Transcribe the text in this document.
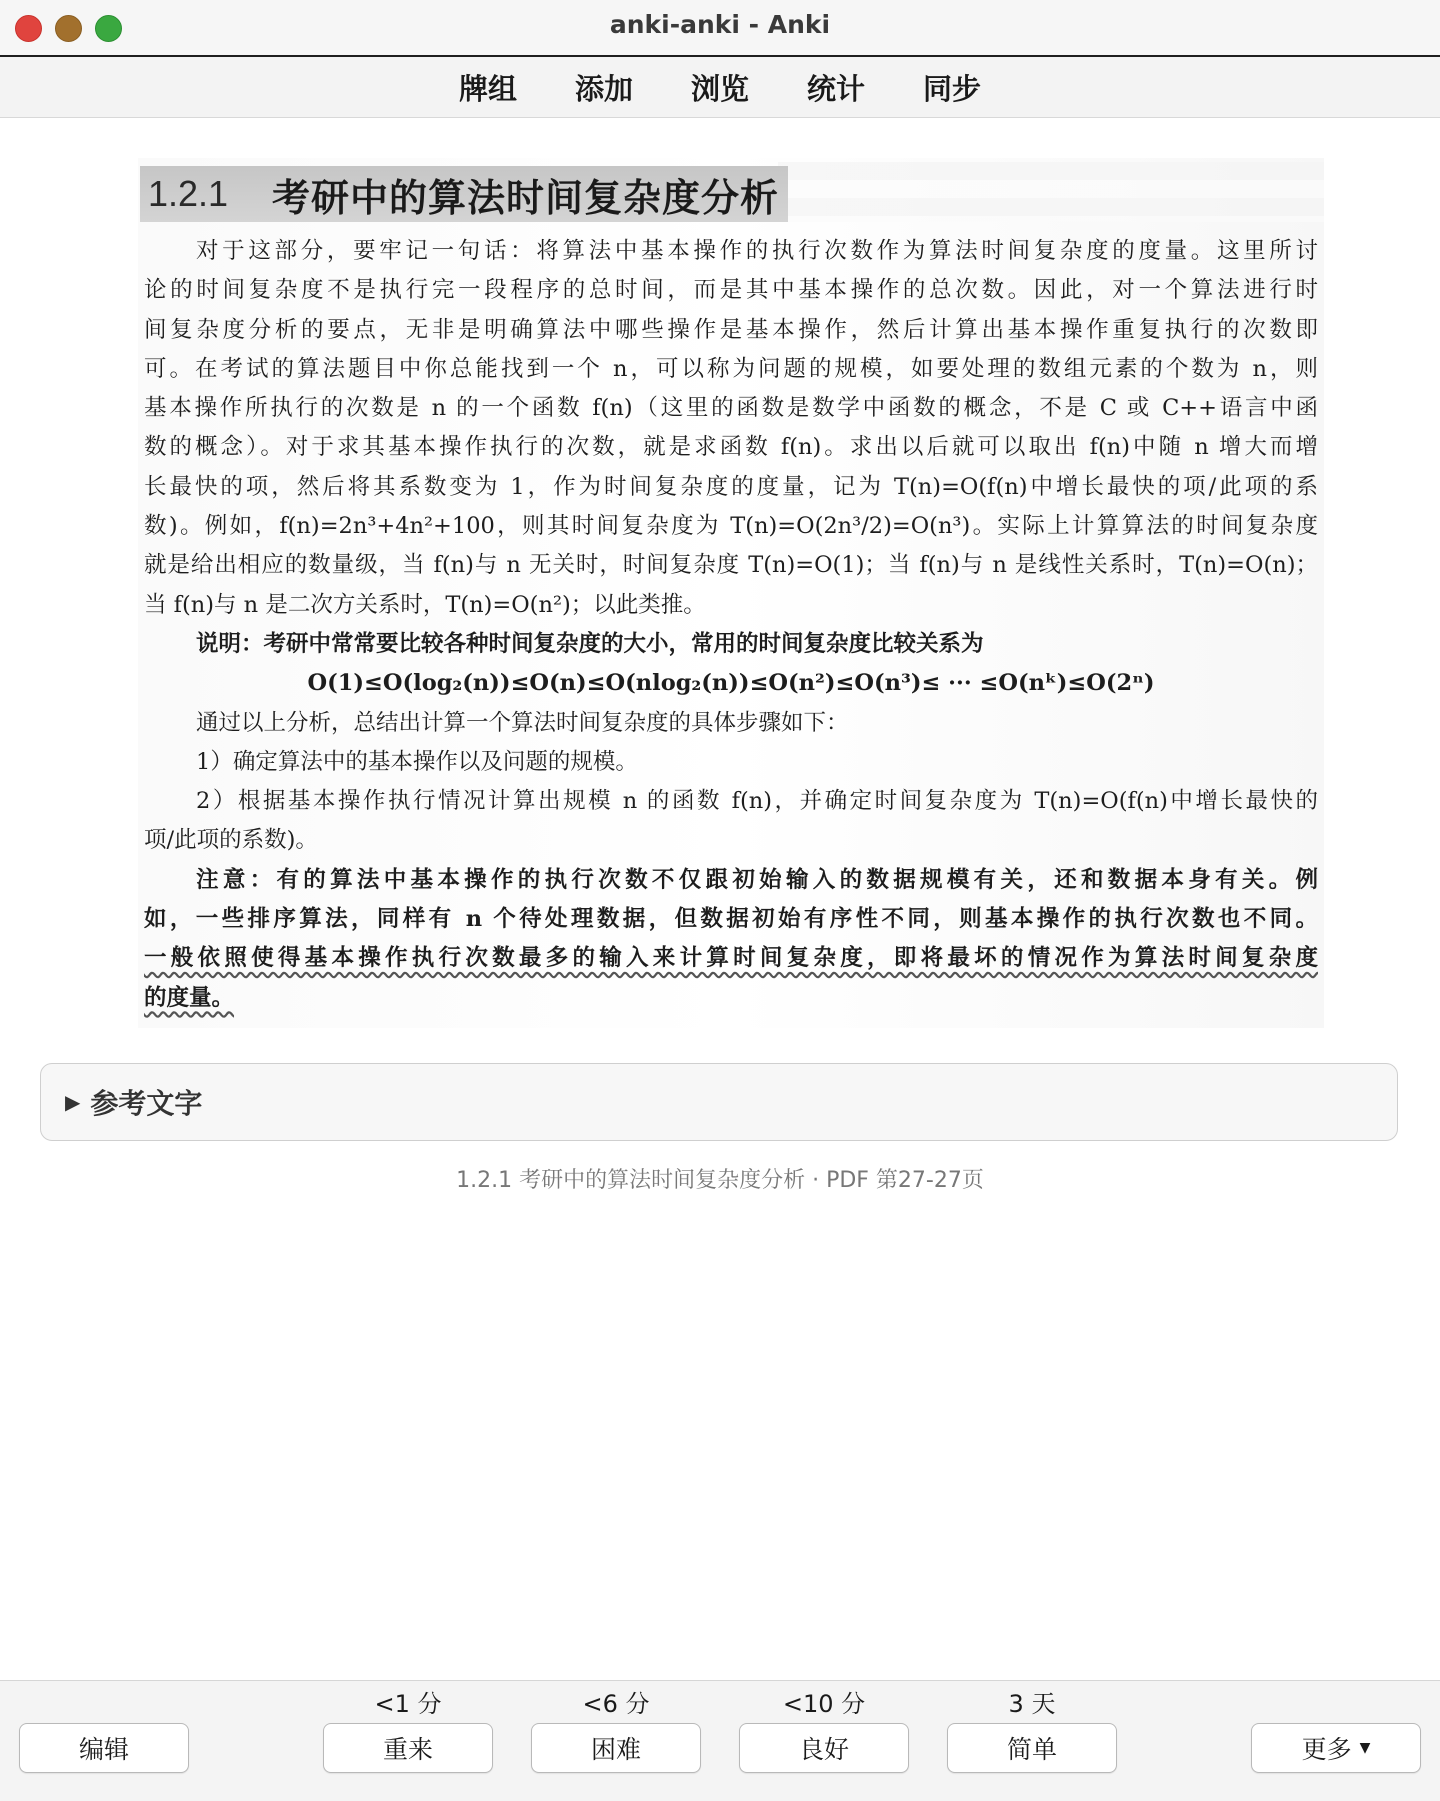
anki-anki - Anki
牌组	添加	浏览	统计	同步
1.2.1	考研中的算法时间复杂度分析
对于这部分，要牢记一句话：将算法中基本操作的执行次数作为算法时间复杂度的度量。这里所讨
论的时间复杂度不是执行完一段程序的总时间，而是其中基本操作的总次数。因此，对一个算法进行时
间复杂度分析的要点，无非是明确算法中哪些操作是基本操作，然后计算出基本操作重复执行的次数即
可。在考试的算法题目中你总能找到一个 n，可以称为问题的规模，如要处理的数组元素的个数为 n，则
基本操作所执行的次数是 n 的一个函数 f(n)（这里的函数是数学中函数的概念，不是 C 或 C++语言中函
数的概念）。对于求其基本操作执行的次数，就是求函数 f(n)。求出以后就可以取出 f(n)中随 n 增大而增
长最快的项，然后将其系数变为 1，作为时间复杂度的度量，记为 T(n)=O(f(n)中增长最快的项/此项的系
数)。例如，f(n)=2n³+4n²+100，则其时间复杂度为 T(n)=O(2n³/2)=O(n³)。实际上计算算法的时间复杂度
就是给出相应的数量级，当 f(n)与 n 无关时，时间复杂度 T(n)=O(1)；当 f(n)与 n 是线性关系时，T(n)=O(n)；
当 f(n)与 n 是二次方关系时，T(n)=O(n²)；以此类推。
说明：考研中常常要比较各种时间复杂度的大小，常用的时间复杂度比较关系为
O(1)≤O(log₂(n))≤O(n)≤O(nlog₂(n))≤O(n²)≤O(n³)≤ ··· ≤O(nᵏ)≤O(2ⁿ)
通过以上分析，总结出计算一个算法时间复杂度的具体步骤如下：
1）确定算法中的基本操作以及问题的规模。
2）根据基本操作执行情况计算出规模 n 的函数 f(n)，并确定时间复杂度为 T(n)=O(f(n)中增长最快的
项/此项的系数)。
注意：有的算法中基本操作的执行次数不仅跟初始输入的数据规模有关，还和数据本身有关。例
如，一些排序算法，同样有 n 个待处理数据，但数据初始有序性不同，则基本操作的执行次数也不同。
一般依照使得基本操作执行次数最多的输入来计算时间复杂度，即将最坏的情况作为算法时间复杂度
的度量。
▶ 参考文字
1.2.1 考研中的算法时间复杂度分析 · PDF 第27-27页
编辑
<1 分
重来
<6 分
困难
<10 分
良好
3 天
简单	更多 ▼
